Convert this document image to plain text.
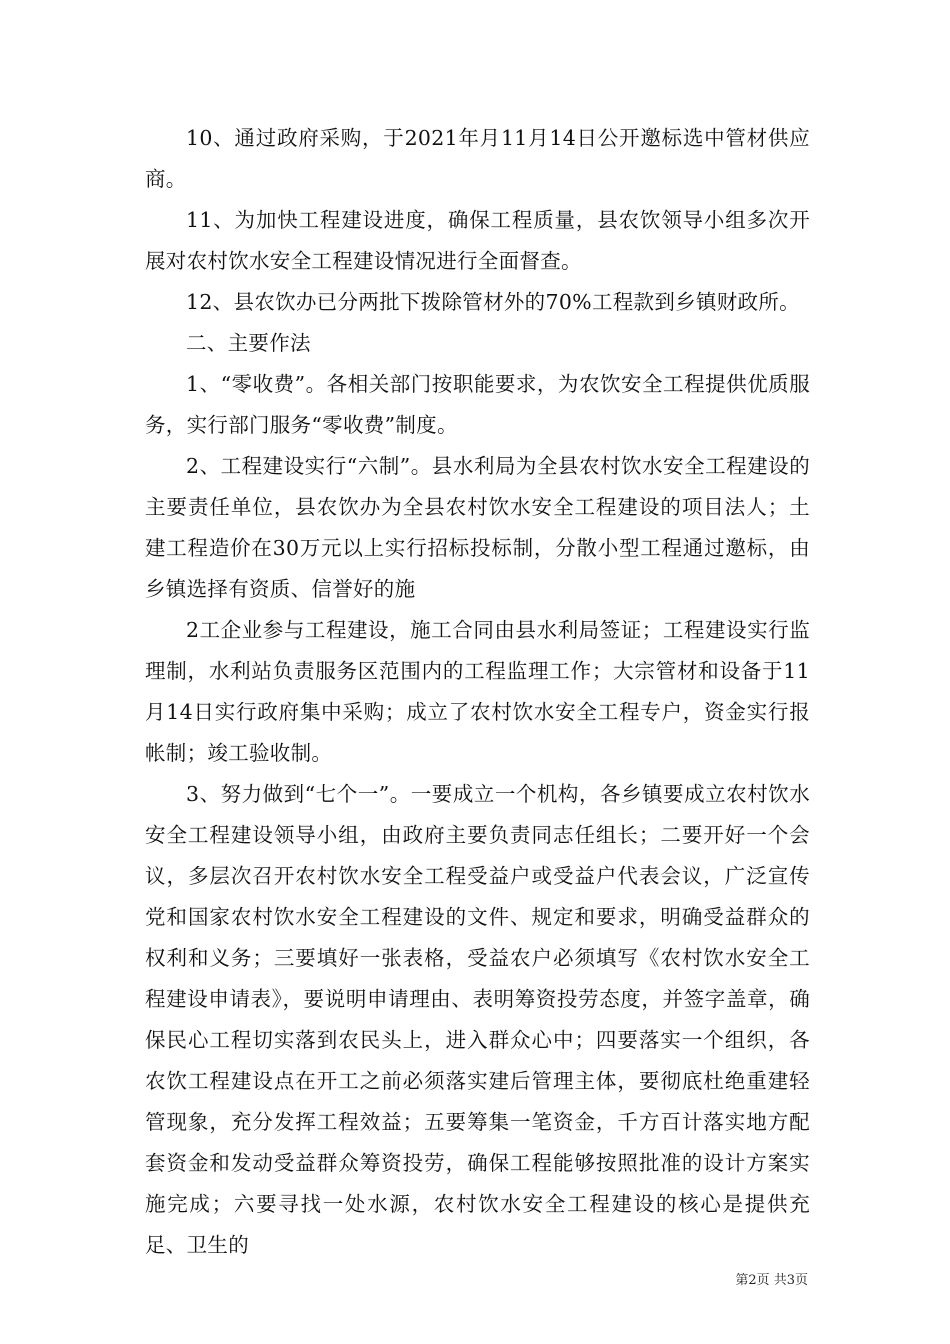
10、通过政府采购，于2021年月11月14日公开邀标选中管材供应商。

11、为加快工程建设进度，确保工程质量，县农饮领导小组多次开展对农村饮水安全工程建设情况进行全面督查。

12、县农饮办已分两批下拨除管材外的70%工程款到乡镇财政所。

二、主要作法

1、“零收费”。各相关部门按职能要求，为农饮安全工程提供优质服务，实行部门服务“零收费”制度。

2、工程建设实行“六制”。县水利局为全县农村饮水安全工程建设的主要责任单位，县农饮办为全县农村饮水安全工程建设的项目法人；土建工程造价在30万元以上实行招标投标制，分散小型工程通过邀标，由乡镇选择有资质、信誉好的施

2工企业参与工程建设，施工合同由县水利局签证；工程建设实行监理制，水利站负责服务区范围内的工程监理工作；大宗管材和设备于11月14日实行政府集中采购；成立了农村饮水安全工程专户，资金实行报帐制；竣工验收制。

3、努力做到“七个一”。一要成立一个机构，各乡镇要成立农村饮水安全工程建设领导小组，由政府主要负责同志任组长；二要开好一个会议，多层次召开农村饮水安全工程受益户或受益户代表会议，广泛宣传党和国家农村饮水安全工程建设的文件、规定和要求，明确受益群众的权利和义务；三要填好一张表格，受益农户必须填写《农村饮水安全工程建设申请表》，要说明申请理由、表明筹资投劳态度，并签字盖章，确保民心工程切实落到农民头上，进入群众心中；四要落实一个组织，各农饮工程建设点在开工之前必须落实建后管理主体，要彻底杜绝重建轻管现象，充分发挥工程效益；五要筹集一笔资金，千方百计落实地方配套资金和发动受益群众筹资投劳，确保工程能够按照批准的设计方案实施完成；六要寻找一处水源，农村饮水安全工程建设的核心是提供充足、卫生的

第2页 共3页
